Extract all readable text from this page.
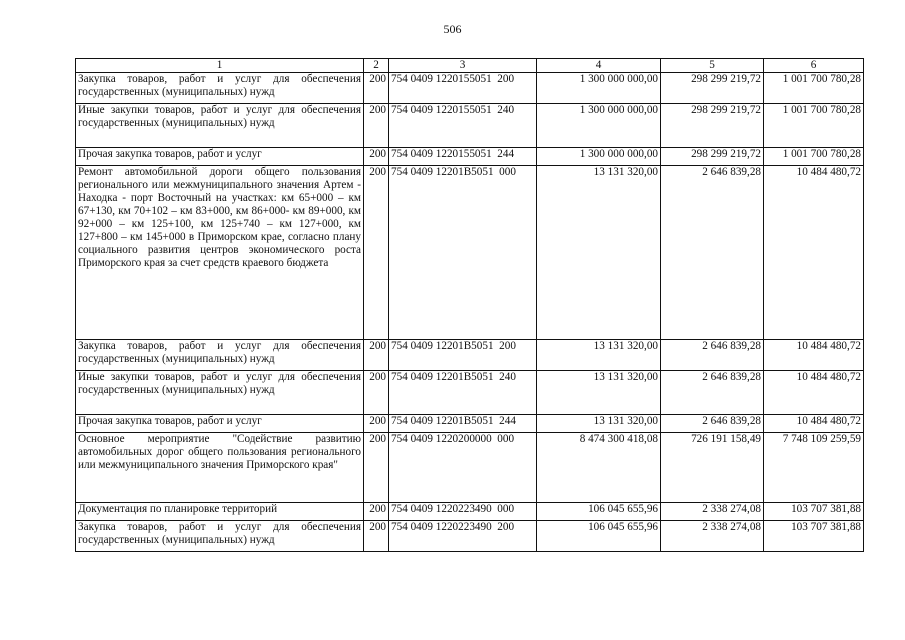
506
1	2	3	4	5	6
Закупка товаров, работ и услуг для обеспечения государственных (муниципальных) нужд	200	754 0409 1220155051  200	1 300 000 000,00	298 299 219,72	1 001 700 780,28
Иные закупки товаров, работ и услуг для обеспечения государственных (муниципальных) нужд	200	754 0409 1220155051  240	1 300 000 000,00	298 299 219,72	1 001 700 780,28
Прочая закупка товаров, работ и услуг	200	754 0409 1220155051  244	1 300 000 000,00	298 299 219,72	1 001 700 780,28
Ремонт автомобильной дороги общего пользования регионального или межмуниципального значения Артем - Находка - порт Восточный на участках: км 65+000 – км 67+130, км 70+102 – км 83+000, км 86+000- км 89+000, км 92+000 – км 125+100, км 125+740 – км 127+000, км 127+800 – км 145+000 в Приморском крае, согласно плану социального развития центров экономического роста Приморского края за счет средств краевого бюджета	200	754 0409 12201B5051  000	13 131 320,00	2 646 839,28	10 484 480,72
Закупка товаров, работ и услуг для обеспечения государственных (муниципальных) нужд	200	754 0409 12201B5051  200	13 131 320,00	2 646 839,28	10 484 480,72
Иные закупки товаров, работ и услуг для обеспечения государственных (муниципальных) нужд	200	754 0409 12201B5051  240	13 131 320,00	2 646 839,28	10 484 480,72
Прочая закупка товаров, работ и услуг	200	754 0409 12201B5051  244	13 131 320,00	2 646 839,28	10 484 480,72
Основное мероприятие "Содействие развитию автомобильных дорог общего пользования регионального или межмуниципального значения Приморского края"	200	754 0409 1220200000  000	8 474 300 418,08	726 191 158,49	7 748 109 259,59
Документация по планировке территорий	200	754 0409 1220223490  000	106 045 655,96	2 338 274,08	103 707 381,88
Закупка товаров, работ и услуг для обеспечения государственных (муниципальных) нужд	200	754 0409 1220223490  200	106 045 655,96	2 338 274,08	103 707 381,88
